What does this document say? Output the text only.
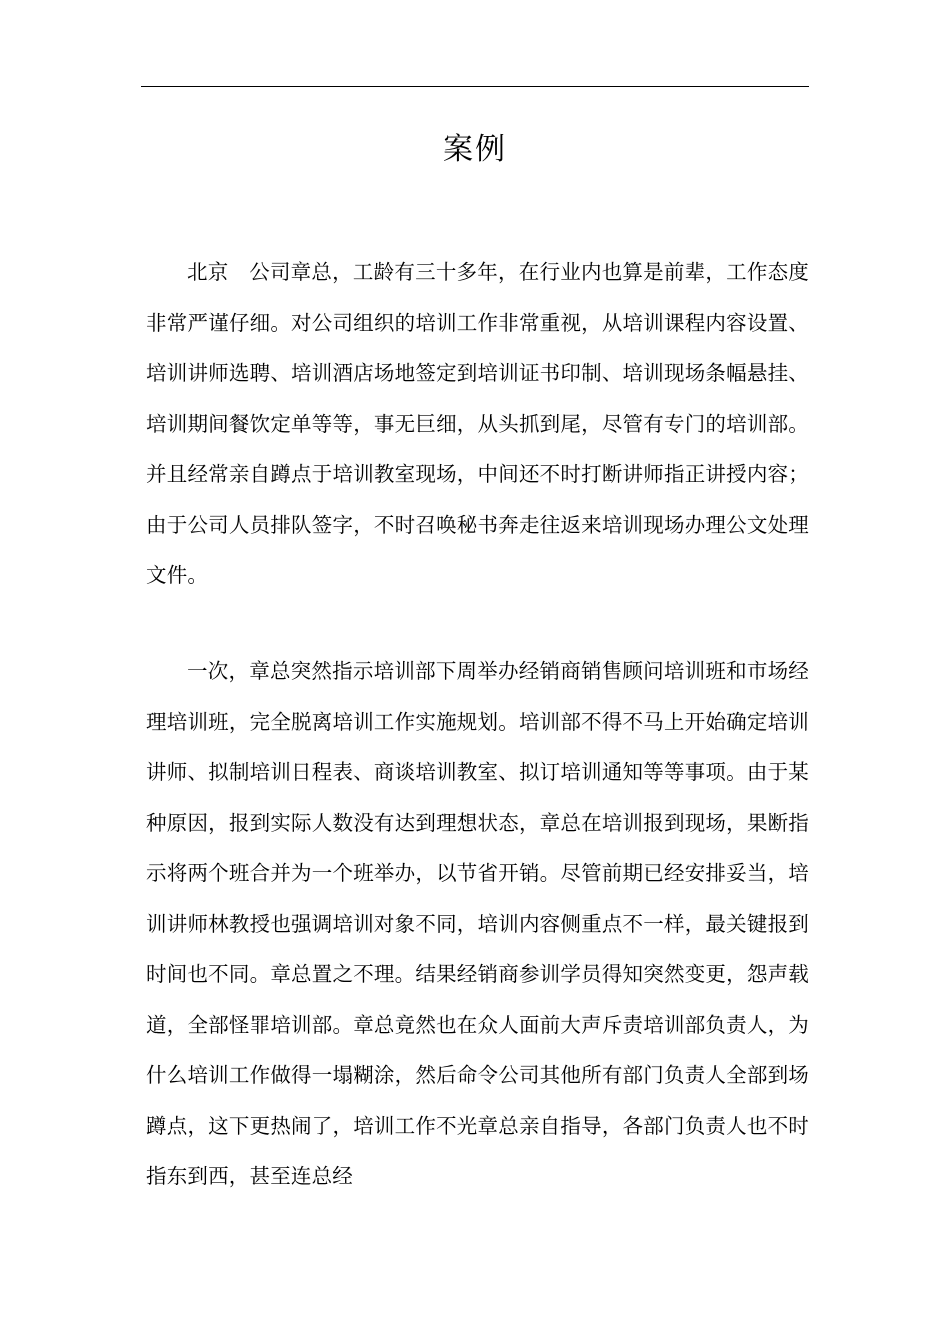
案例

北京　公司章总，工龄有三十多年，在行业内也算是前辈，工作态度非常严谨仔细。对公司组织的培训工作非常重视，从培训课程内容设置、培训讲师选聘、培训酒店场地签定到培训证书印制、培训现场条幅悬挂、培训期间餐饮定单等等，事无巨细，从头抓到尾，尽管有专门的培训部。并且经常亲自蹲点于培训教室现场，中间还不时打断讲师指正讲授内容；由于公司人员排队签字，不时召唤秘书奔走往返来培训现场办理公文处理文件。

一次，章总突然指示培训部下周举办经销商销售顾问培训班和市场经理培训班，完全脱离培训工作实施规划。培训部不得不马上开始确定培训讲师、拟制培训日程表、商谈培训教室、拟订培训通知等等事项。由于某种原因，报到实际人数没有达到理想状态，章总在培训报到现场，果断指示将两个班合并为一个班举办，以节省开销。尽管前期已经安排妥当，培训讲师林教授也强调培训对象不同，培训内容侧重点不一样，最关键报到时间也不同。章总置之不理。结果经销商参训学员得知突然变更，怨声载道，全部怪罪培训部。章总竟然也在众人面前大声斥责培训部负责人，为什么培训工作做得一塌糊涂，然后命令公司其他所有部门负责人全部到场蹲点，这下更热闹了，培训工作不光章总亲自指导，各部门负责人也不时指东到西，甚至连总经
